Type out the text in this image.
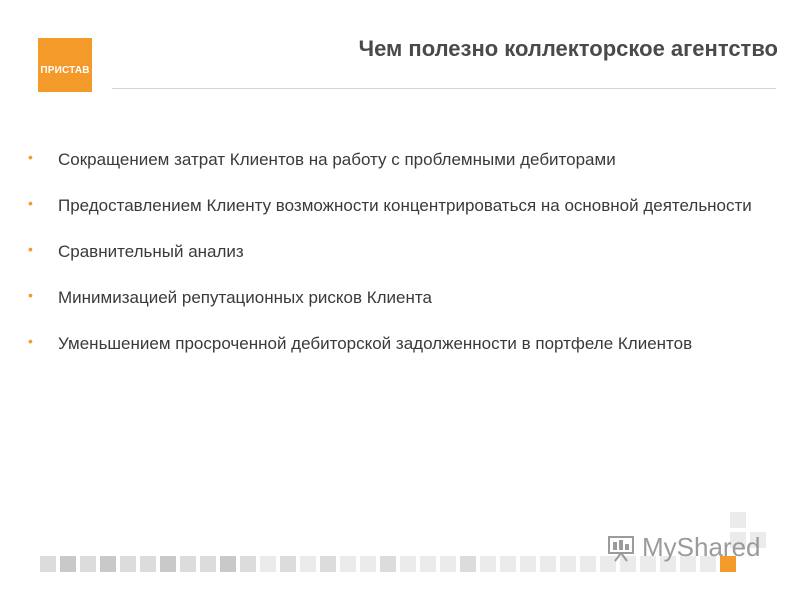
ПРИСТАВ
Чем полезно коллекторское агентство
• Сокращением затрат Клиентов на работу с проблемными дебиторами
• Предоставлением Клиенту возможности концентрироваться на основной деятельности
• Сравнительный анализ
• Минимизацией репутационных рисков Клиента
• Уменьшением просроченной дебиторской задолженности в портфеле Клиентов
MyShared
